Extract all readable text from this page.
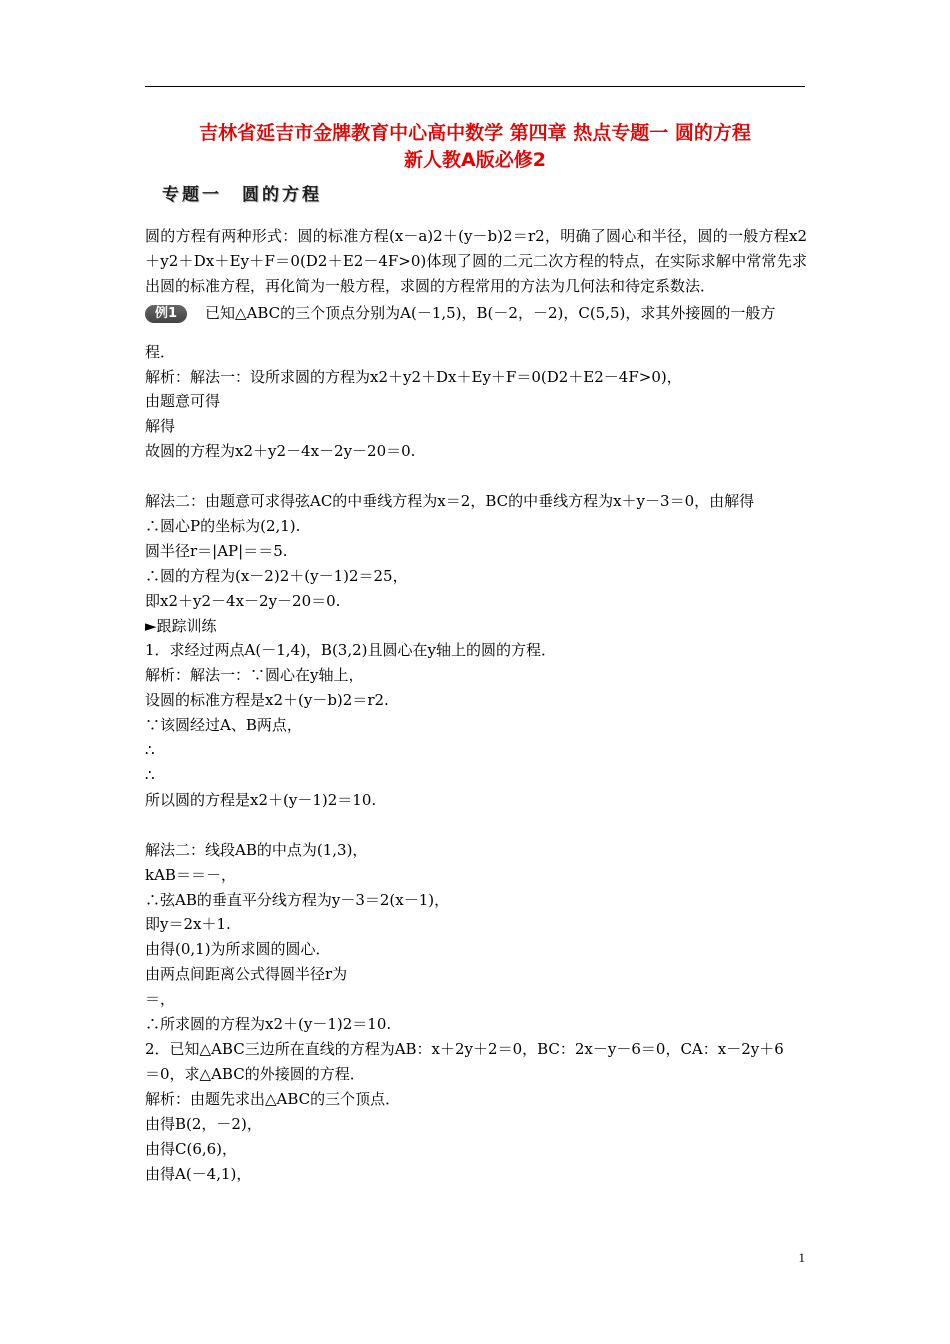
吉林省延吉市金牌教育中心高中数学 第四章 热点专题一 圆的方程
新人教A版必修2
专题一　圆的方程
圆的方程有两种形式：圆的标准方程(x－a)2＋(y－b)2＝r2，明确了圆心和半径，圆的一般方程x2＋y2＋Dx＋Ey＋F＝0(D2＋E2－4F>0)体现了圆的二元二次方程的特点，在实际求解中常常先求出圆的标准方程，再化简为一般方程，求圆的方程常用的方法为几何法和待定系数法．
例1 已知△ABC的三个顶点分别为A(－1,5)，B(－2，－2)，C(5,5)，求其外接圆的一般方
程．
解析：解法一：设所求圆的方程为x2＋y2＋Dx＋Ey＋F＝0(D2＋E2－4F>0)，
由题意可得
解得
故圆的方程为x2＋y2－4x－2y－20＝0.
解法二：由题意可求得弦AC的中垂线方程为x＝2，BC的中垂线方程为x＋y－3＝0，由解得
∴圆心P的坐标为(2,1).
圆半径r＝|AP|＝＝5.
∴圆的方程为(x－2)2＋(y－1)2＝25，
即x2＋y2－4x－2y－20＝0.
►跟踪训练
1．求经过两点A(－1,4)，B(3,2)且圆心在y轴上的圆的方程．
解析：解法一：∵圆心在y轴上，
设圆的标准方程是x2＋(y－b)2＝r2.
∵该圆经过A、B两点，
∴
∴
所以圆的方程是x2＋(y－1)2＝10.
解法二：线段AB的中点为(1,3)，
kAB＝＝－，
∴弦AB的垂直平分线方程为y－3＝2(x－1)，
即y＝2x＋1.
由得(0,1)为所求圆的圆心．
由两点间距离公式得圆半径r为
＝，
∴所求圆的方程为x2＋(y－1)2＝10.
2．已知△ABC三边所在直线的方程为AB：x＋2y＋2＝0，BC：2x－y－6＝0，CA：x－2y＋6
＝0，求△ABC的外接圆的方程．
解析：由题先求出△ABC的三个顶点．
由得B(2，－2)，
由得C(6,6)，
由得A(－4,1)，
1
